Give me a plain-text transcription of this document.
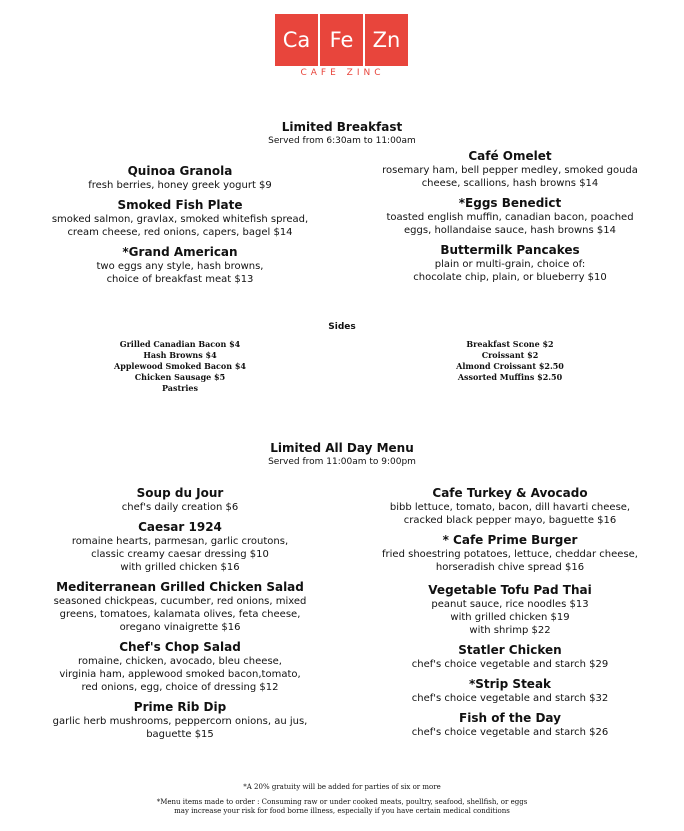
Ca Fe Zn
CAFE ZINC
Limited Breakfast
Served from 6:30am to 11:00am
Quinoa Granola
fresh berries, honey greek yogurt $9
Smoked Fish Plate
smoked salmon, gravlax, smoked whitefish spread,
cream cheese, red onions, capers, bagel $14
*Grand American
two eggs any style, hash browns,
choice of breakfast meat $13
Café Omelet
rosemary ham, bell pepper medley, smoked gouda
cheese, scallions, hash browns $14
*Eggs Benedict
toasted english muffin, canadian bacon, poached
eggs, hollandaise sauce, hash browns $14
Buttermilk Pancakes
plain or multi-grain, choice of:
chocolate chip, plain, or blueberry $10
Sides
Grilled Canadian Bacon $4
Hash Browns $4
Applewood Smoked Bacon $4
Chicken Sausage $5
Pastries
Breakfast Scone $2
Croissant $2
Almond Croissant $2.50
Assorted Muffins $2.50
Limited All Day Menu
Served from 11:00am to 9:00pm
Soup du Jour
chef's daily creation $6
Caesar 1924
romaine hearts, parmesan, garlic croutons,
classic creamy caesar dressing $10
with grilled chicken $16
Mediterranean Grilled Chicken Salad
seasoned chickpeas, cucumber, red onions, mixed
greens, tomatoes, kalamata olives, feta cheese,
oregano vinaigrette $16
Chef's Chop Salad
romaine, chicken, avocado, bleu cheese,
virginia ham, applewood smoked bacon,tomato,
red onions, egg, choice of dressing $12
Prime Rib Dip
garlic herb mushrooms, peppercorn onions, au jus,
baguette $15
Cafe Turkey & Avocado
bibb lettuce, tomato, bacon, dill havarti cheese,
cracked black pepper mayo, baguette $16
* Cafe Prime Burger
fried shoestring potatoes, lettuce, cheddar cheese,
horseradish chive spread $16
Vegetable Tofu Pad Thai
peanut sauce, rice noodles $13
with grilled chicken $19
with shrimp $22
Statler Chicken
chef's choice vegetable and starch $29
*Strip Steak
chef's choice vegetable and starch $32
Fish of the Day
chef's choice vegetable and starch $26
*A 20% gratuity will be added for parties of six or more
*Menu items made to order : Consuming raw or under cooked meats, poultry, seafood, shellfish, or eggs
may increase your risk for food borne illness, especially if you have certain medical conditions
